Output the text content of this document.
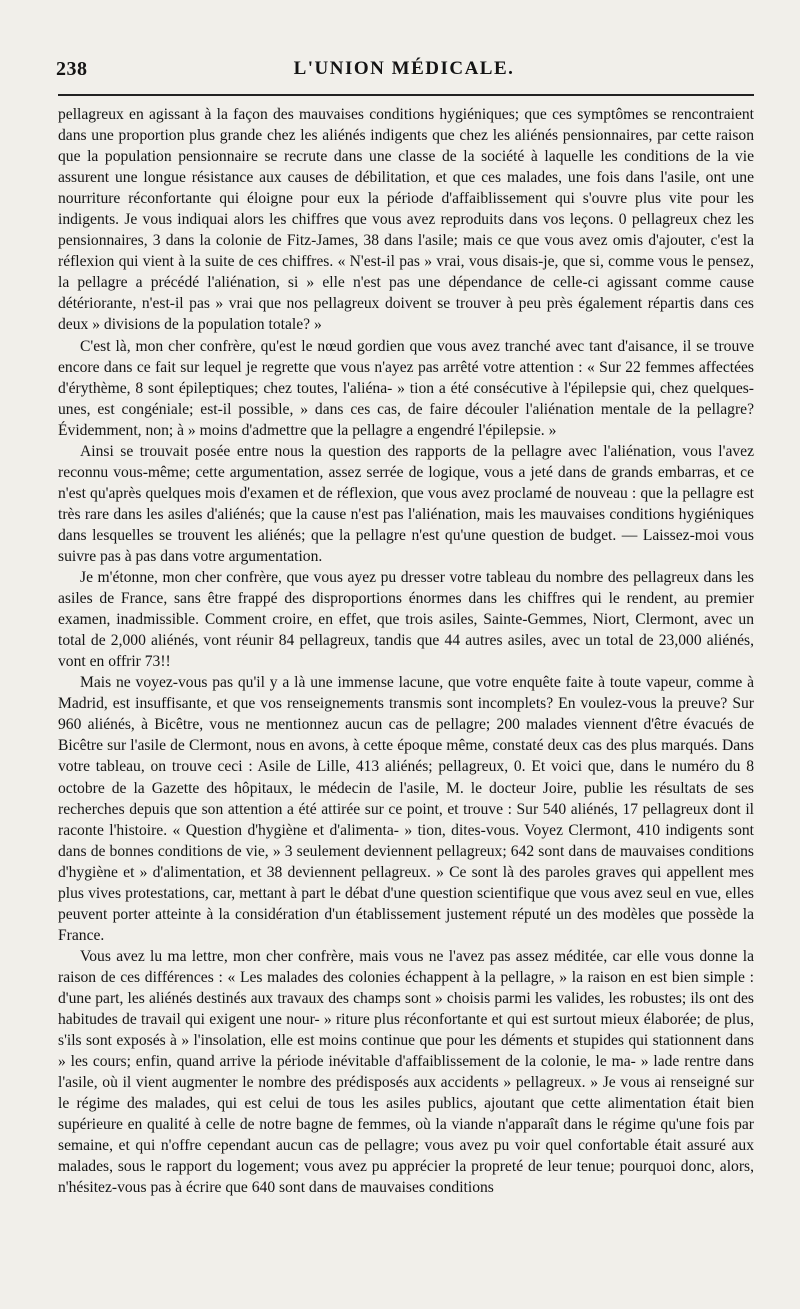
238	L'UNION MÉDICALE.

pellagreux en agissant à la façon des mauvaises conditions hygiéniques; que ces symptômes se rencontraient dans une proportion plus grande chez les aliénés indigents que chez les aliénés pensionnaires, par cette raison que la population pensionnaire se recrute dans une classe de la société à laquelle les conditions de la vie assurent une longue résistance aux causes de débilitation, et que ces malades, une fois dans l'asile, ont une nourriture réconfortante qui éloigne pour eux la période d'affaiblissement qui s'ouvre plus vite pour les indigents. Je vous indiquai alors les chiffres que vous avez reproduits dans vos leçons. 0 pellagreux chez les pensionnaires, 3 dans la colonie de Fitz-James, 38 dans l'asile; mais ce que vous avez omis d'ajouter, c'est la réflexion qui vient à la suite de ces chiffres. « N'est-il pas » vrai, vous disais-je, que si, comme vous le pensez, la pellagre a précédé l'aliénation, si » elle n'est pas une dépendance de celle-ci agissant comme cause détériorante, n'est-il pas » vrai que nos pellagreux doivent se trouver à peu près également répartis dans ces deux » divisions de la population totale? »

C'est là, mon cher confrère, qu'est le nœud gordien que vous avez tranché avec tant d'aisance, il se trouve encore dans ce fait sur lequel je regrette que vous n'ayez pas arrêté votre attention : « Sur 22 femmes affectées d'érythème, 8 sont épileptiques; chez toutes, l'aliéna- » tion a été consécutive à l'épilepsie qui, chez quelques-unes, est congéniale; est-il possible, » dans ces cas, de faire découler l'aliénation mentale de la pellagre? Évidemment, non; à » moins d'admettre que la pellagre a engendré l'épilepsie. »

Ainsi se trouvait posée entre nous la question des rapports de la pellagre avec l'aliénation, vous l'avez reconnu vous-même; cette argumentation, assez serrée de logique, vous a jeté dans de grands embarras, et ce n'est qu'après quelques mois d'examen et de réflexion, que vous avez proclamé de nouveau : que la pellagre est très rare dans les asiles d'aliénés; que la cause n'est pas l'aliénation, mais les mauvaises conditions hygiéniques dans lesquelles se trouvent les aliénés; que la pellagre n'est qu'une question de budget. — Laissez-moi vous suivre pas à pas dans votre argumentation.

Je m'étonne, mon cher confrère, que vous ayez pu dresser votre tableau du nombre des pellagreux dans les asiles de France, sans être frappé des disproportions énormes dans les chiffres qui le rendent, au premier examen, inadmissible. Comment croire, en effet, que trois asiles, Sainte-Gemmes, Niort, Clermont, avec un total de 2,000 aliénés, vont réunir 84 pellagreux, tandis que 44 autres asiles, avec un total de 23,000 aliénés, vont en offrir 73!!

Mais ne voyez-vous pas qu'il y a là une immense lacune, que votre enquête faite à toute vapeur, comme à Madrid, est insuffisante, et que vos renseignements transmis sont incomplets? En voulez-vous la preuve? Sur 960 aliénés, à Bicêtre, vous ne mentionnez aucun cas de pellagre; 200 malades viennent d'être évacués de Bicêtre sur l'asile de Clermont, nous en avons, à cette époque même, constaté deux cas des plus marqués. Dans votre tableau, on trouve ceci : Asile de Lille, 413 aliénés; pellagreux, 0. Et voici que, dans le numéro du 8 octobre de la Gazette des hôpitaux, le médecin de l'asile, M. le docteur Joire, publie les résultats de ses recherches depuis que son attention a été attirée sur ce point, et trouve : Sur 540 aliénés, 17 pellagreux dont il raconte l'histoire. « Question d'hygiène et d'alimenta- » tion, dites-vous. Voyez Clermont, 410 indigents sont dans de bonnes conditions de vie, » 3 seulement deviennent pellagreux; 642 sont dans de mauvaises conditions d'hygiène et » d'alimentation, et 38 deviennent pellagreux. » Ce sont là des paroles graves qui appellent mes plus vives protestations, car, mettant à part le débat d'une question scientifique que vous avez seul en vue, elles peuvent porter atteinte à la considération d'un établissement justement réputé un des modèles que possède la France.

Vous avez lu ma lettre, mon cher confrère, mais vous ne l'avez pas assez méditée, car elle vous donne la raison de ces différences : « Les malades des colonies échappent à la pellagre, » la raison en est bien simple : d'une part, les aliénés destinés aux travaux des champs sont » choisis parmi les valides, les robustes; ils ont des habitudes de travail qui exigent une nour- » riture plus réconfortante et qui est surtout mieux élaborée; de plus, s'ils sont exposés à » l'insolation, elle est moins continue que pour les déments et stupides qui stationnent dans » les cours; enfin, quand arrive la période inévitable d'affaiblissement de la colonie, le ma- » lade rentre dans l'asile, où il vient augmenter le nombre des prédisposés aux accidents » pellagreux. » Je vous ai renseigné sur le régime des malades, qui est celui de tous les asiles publics, ajoutant que cette alimentation était bien supérieure en qualité à celle de notre bagne de femmes, où la viande n'apparaît dans le régime qu'une fois par semaine, et qui n'offre cependant aucun cas de pellagre; vous avez pu voir quel confortable était assuré aux malades, sous le rapport du logement; vous avez pu apprécier la propreté de leur tenue; pourquoi donc, alors, n'hésitez-vous pas à écrire que 640 sont dans de mauvaises conditions
